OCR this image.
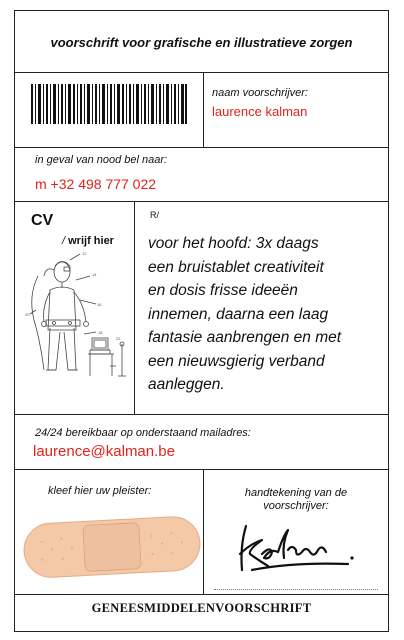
voorschrift voor grafische en illustratieve zorgen
naam voorschrijver:
laurence kalman
in geval van nood bel naar:
m +32 498 777 022
CV
/ wrijf hier
12
14
16
18
20
22
R/
voor het hoofd: 3x daags
een bruistablet creativiteit
en dosis frisse ideeën
innemen, daarna een laag
fantasie aanbrengen en met
een nieuwsgierig verband
aanleggen.
24/24 bereikbaar op onderstaand mailadres:
laurence@kalman.be
kleef hier uw pleister:	handtekening van de
voorschrijver:
GENEESMIDDELENVOORSCHRIFT
